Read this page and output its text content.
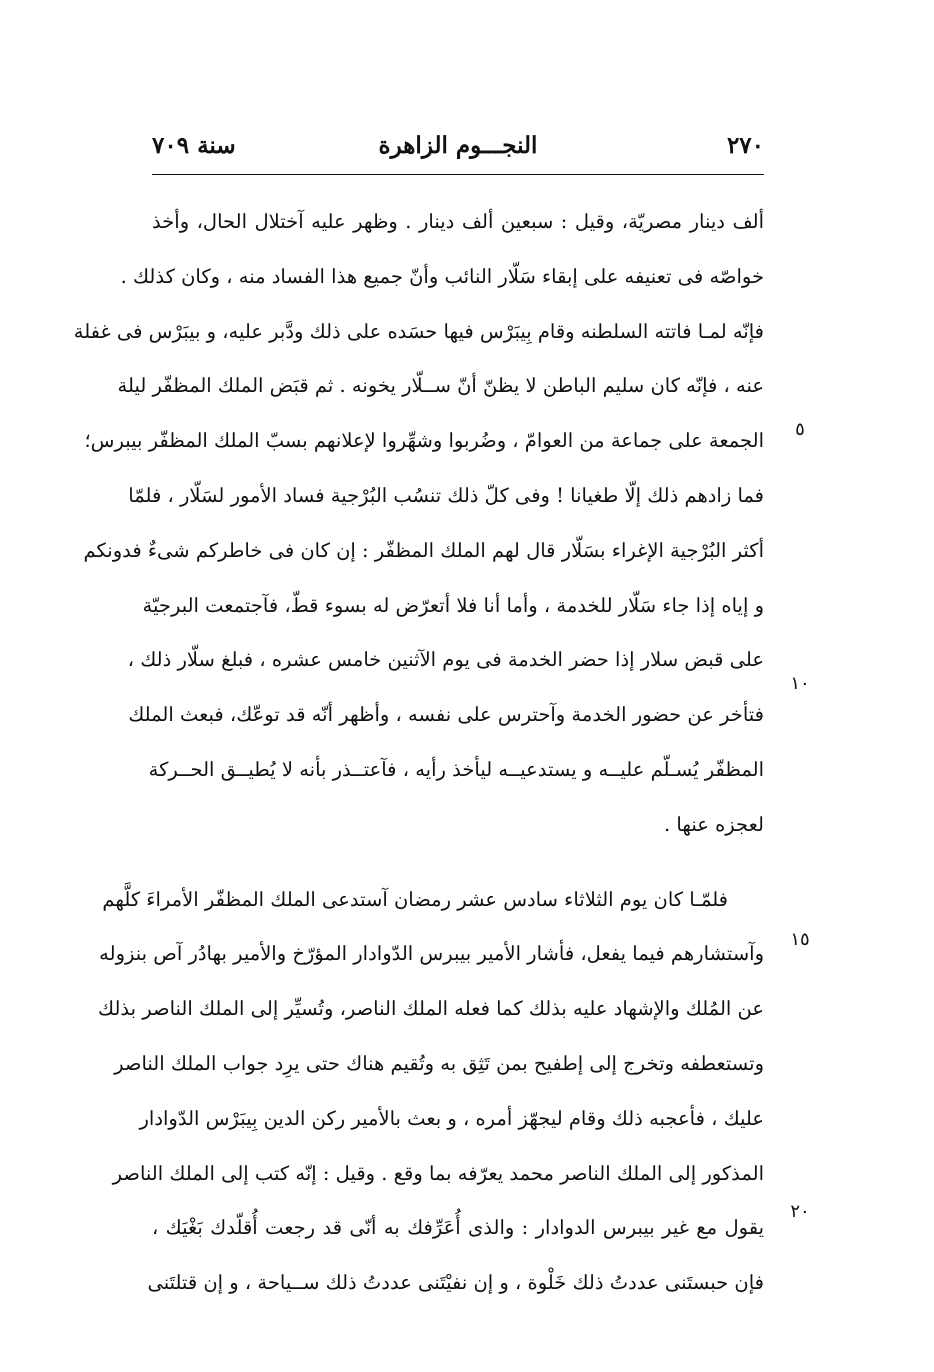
٢٧٠
النجـــوم الزاهرة
سنة ٧٠٩
ألف دينار مصريّة، وقيل : سبعين ألف دينار . وظهر عليه آختلال الحال، وأخذ
خواصّه فى تعنيفه على إبقاء سَلّار النائب وأنّ جميع هذا الفساد منه ، وكان كذلك .
فإنّه لمـا فاتته السلطنه وقام بِيبَرْس فيها حسَده على ذلك ودَّبر عليه، و بيبَرْس فى غفلة
عنه ، فإنّه كان سليم الباطن لا يظنّ أنّ ســلّار يخونه . ثم قبَض الملك المظفّر ليلة
الجمعة على جماعة من العوامّ ، وضُربوا وشهِّروا لإعلانهم بسبّ الملك المظفّر بيبرس؛
فما زادهم ذلك إلّا طغيانا ! وفى كلّ ذلك تنسُب البُرْجية فساد الأمور لسَلّار ، فلمّا
أكثر البُرْجية الإغراء بسَلّار قال لهم الملك المظفّر : إن كان فى خاطركم شىءٌ فدونكم
و إياه إذا جاء سَلّار للخدمة ، وأما أنا فلا أتعرّض له بسوء قطّ، فآجتمعت البرجيّة
على قبض سلار إذا حضر الخدمة فى يوم الآثنين خامس عشره ، فبلغ سلّار ذلك ،
فتأخر عن حضور الخدمة وآحترس على نفسه ، وأظهر أنّه قد توعّك، فبعث الملك
المظفّر يُسـلّم عليــه و يستدعيــه ليأخذ رأيه ، فآعتــذر بأنه لا يُطيــق الحــركة
لعجزه عنها .
فلمّـا كان يوم الثلاثاء سادس عشر رمضان آستدعى الملك المظفّر الأمراءَ كلَّهم
وآستشارهم فيما يفعل، فأشار الأمير بيبرس الدّوادار المؤرّخ والأمير بهادُر آص بنزوله
عن المُلك والإشهاد عليه بذلك كما فعله الملك الناصر، وتُسيِّر إلى الملك الناصر بذلك
وتستعطفه وتخرج إلى إطفيح بمن تَثِق به وتُقيم هناك حتى يرِد جواب الملك الناصر
عليك ، فأعجبه ذلك وقام ليجهّز أمره ، و بعث بالأمير ركن الدين بِيبَرْس الدّوادار
المذكور إلى الملك الناصر محمد يعرّفه بما وقع . وقيل : إنّه كتب إلى الملك الناصر
يقول مع غير بيبرس الدوادار : والذى أُعَرِّفك به أنّى قد رجعت أُقلّدك بَغْيَك ،
فإن حبستَنى عددتُ ذلك خَلْوة ، و إن نفيْتَنى عددتُ ذلك ســياحة ، و إن قتلتَنى
٥
١٠
١٥
٢٠
